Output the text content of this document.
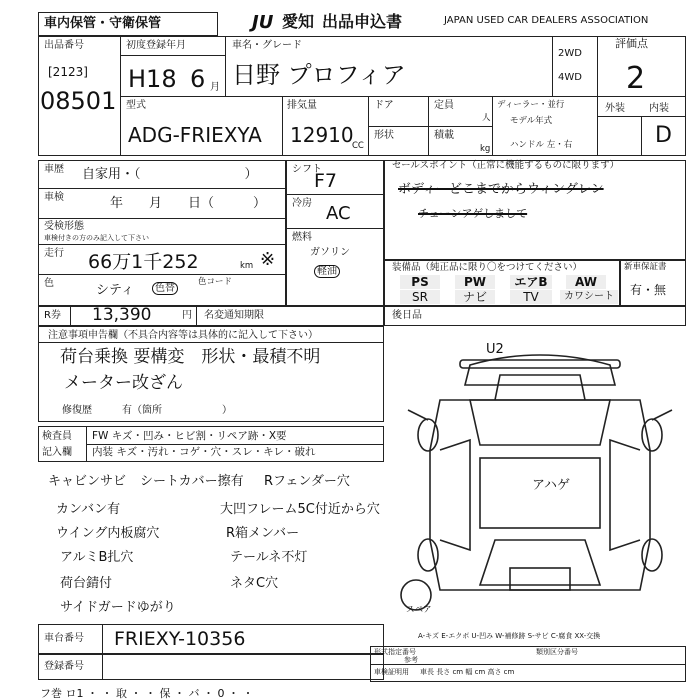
車内保管・守衛保管	JU 愛知 出品申込書	JAPAN USED CAR DEALERS ASSOCIATION
出品番号
[2123]
08501
初度登録年月
H18 6 月
車名・グレード
日野 プロフィア
2WD
4WD
評価点
2
外装 内装
D
型式
ADG-FRIEXYA
排気量
12910
CC
ドア	定員
人
形状	積載
kg
ディーラー・並行
モデル年式
ハンドル 左・右
車歴 自家用・（　　　　　　　　）
車検	年　　月　　日（　　　）
受検形態
車検付きの方のみ記入して下さい
走行 66万1千252	km ※
色	シティ	色替
色コード
シフト
F7
冷房 AC
燃料
ガソリン
軽油
セールスポイント（正常に機能するものに限ります）
ボディーどこまでからウィングレン
チェーンアゲしまして
装備品（純正品に限り〇をつけてください）
PS	PW	エアB	AW
SR	ナビ	TV	カワシート
新車保証書
有・無
R券 13,390	円 名変通知期限	後日品
注意事項申告欄（不具合内容等は具体的に記入して下さい）
荷台乗換 要構変　形状・最積不明
メーター改ざん
修復歴	有（箇所　　　　　　）
検査員
記入欄
FW キズ・凹み・ヒビ割・リペア跡・X要
内装 キズ・汚れ・コゲ・穴・スレ・キレ・破れ
キャビンサビ シートカバー擦有 Rフェンダー穴
カンバン有	大凹フレーム5C付近から穴
ウイング内板腐穴	R箱メンバー
アルミB扎穴	テールネ不灯
荷台錆付	ネタC穴
サイドガードゆがり
U2
アハゲ
スペア
A-キズ E-エクボ U-凹み W-補修跡 S-サビ C-腐食 XX-交換
車台番号 FRIEXY-10356
登録番号
形式指定番号	類別区分番号
参考
車検証明用 車長 長さ cm 幅 cm 高さ cm
フ巻 ロ1 ・ ・ 取 ・ ・ 保 ・ バ ・ 0 ・ ・
